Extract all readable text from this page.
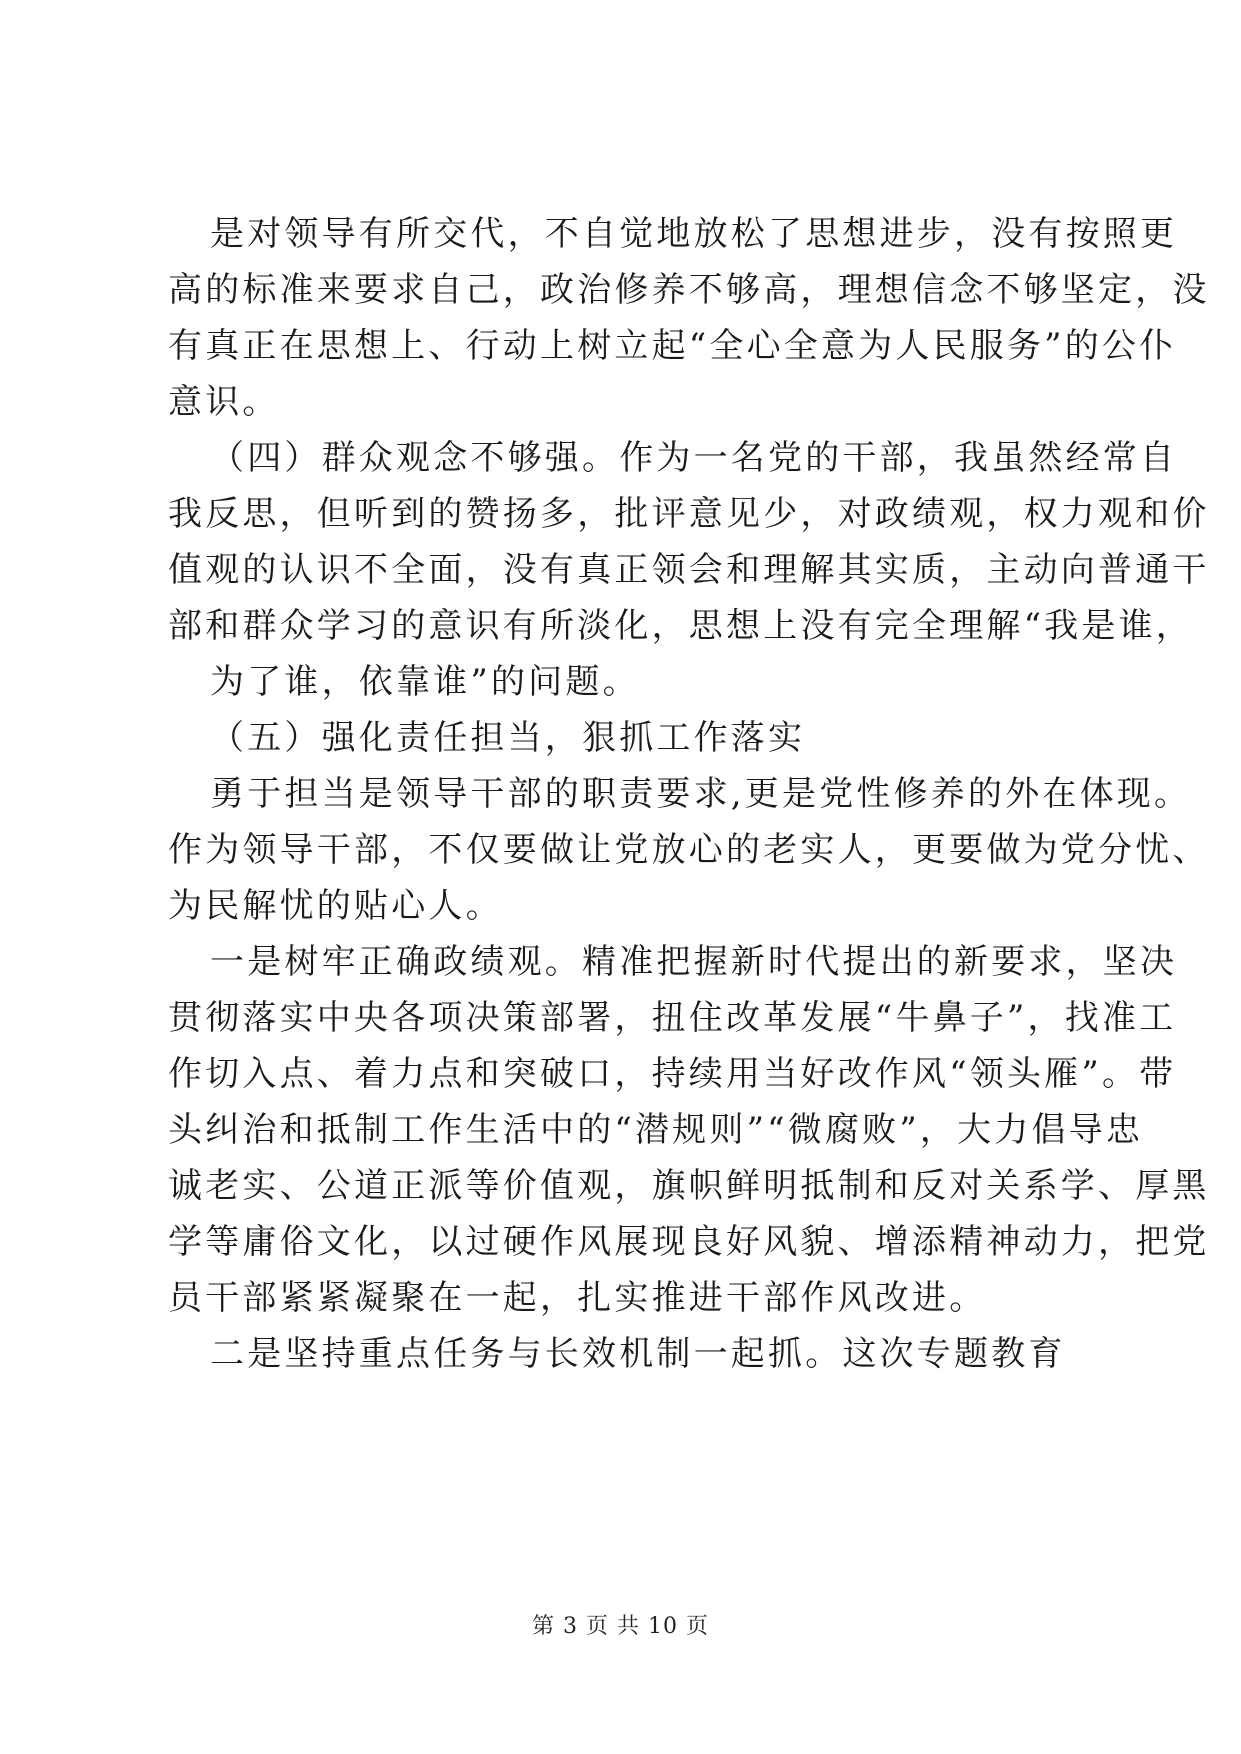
是对领导有所交代，不自觉地放松了思想进步，没有按照更
高的标准来要求自己，政治修养不够高，理想信念不够坚定，没
有真正在思想上、行动上树立起“全心全意为人民服务”的公仆
意识。
（四）群众观念不够强。作为一名党的干部，我虽然经常自
我反思，但听到的赞扬多，批评意见少，对政绩观，权力观和价
值观的认识不全面，没有真正领会和理解其实质，主动向普通干
部和群众学习的意识有所淡化，思想上没有完全理解“我是谁，
为了谁，依靠谁”的问题。
（五）强化责任担当，狠抓工作落实
勇于担当是领导干部的职责要求,更是党性修养的外在体现。
作为领导干部，不仅要做让党放心的老实人，更要做为党分忧、
为民解忧的贴心人。
一是树牢正确政绩观。精准把握新时代提出的新要求，坚决
贯彻落实中央各项决策部署，扭住改革发展“牛鼻子”，找准工
作切入点、着力点和突破口，持续用当好改作风“领头雁”。带
头纠治和抵制工作生活中的“潜规则”“微腐败”，大力倡导忠
诚老实、公道正派等价值观，旗帜鲜明抵制和反对关系学、厚黑
学等庸俗文化，以过硬作风展现良好风貌、增添精神动力，把党
员干部紧紧凝聚在一起，扎实推进干部作风改进。
二是坚持重点任务与长效机制一起抓。这次专题教育
第 3 页 共 10 页
